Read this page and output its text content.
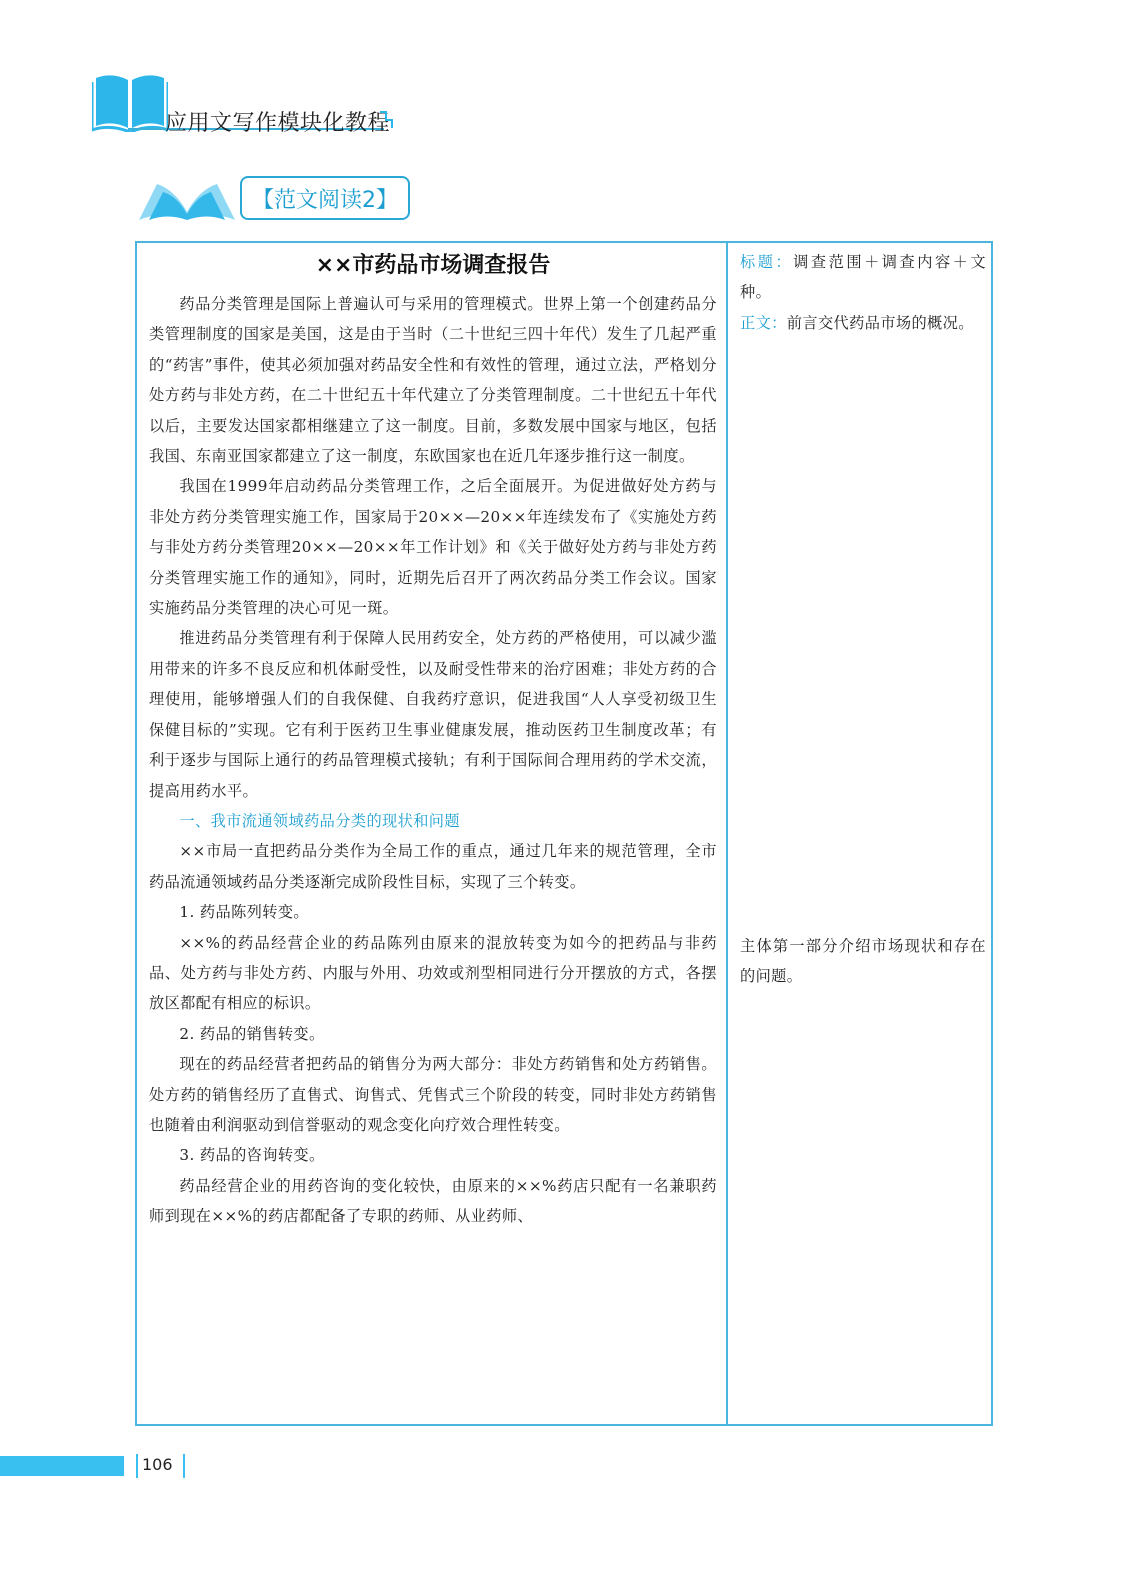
应用文写作模块化教程
【范文阅读2】
××市药品市场调查报告

药品分类管理是国际上普遍认可与采用的管理模式。世界上第一个创建药品分类管理制度的国家是美国，这是由于当时（二十世纪三四十年代）发生了几起严重的“药害”事件，使其必须加强对药品安全性和有效性的管理，通过立法，严格划分处方药与非处方药，在二十世纪五十年代建立了分类管理制度。二十世纪五十年代以后，主要发达国家都相继建立了这一制度。目前，多数发展中国家与地区，包括我国、东南亚国家都建立了这一制度，东欧国家也在近几年逐步推行这一制度。

我国在1999年启动药品分类管理工作，之后全面展开。为促进做好处方药与非处方药分类管理实施工作，国家局于20××—20××年连续发布了《实施处方药与非处方药分类管理20××—20××年工作计划》和《关于做好处方药与非处方药分类管理实施工作的通知》，同时，近期先后召开了两次药品分类工作会议。国家实施药品分类管理的决心可见一斑。

推进药品分类管理有利于保障人民用药安全，处方药的严格使用，可以减少滥用带来的许多不良反应和机体耐受性，以及耐受性带来的治疗困难；非处方药的合理使用，能够增强人们的自我保健、自我药疗意识，促进我国“人人享受初级卫生保健目标的”实现。它有利于医药卫生事业健康发展，推动医药卫生制度改革；有利于逐步与国际上通行的药品管理模式接轨；有利于国际间合理用药的学术交流，提高用药水平。

一、我市流通领域药品分类的现状和问题

××市局一直把药品分类作为全局工作的重点，通过几年来的规范管理，全市药品流通领域药品分类逐渐完成阶段性目标，实现了三个转变。

1. 药品陈列转变。

××%的药品经营企业的药品陈列由原来的混放转变为如今的把药品与非药品、处方药与非处方药、内服与外用、功效或剂型相同进行分开摆放的方式，各摆放区都配有相应的标识。

2. 药品的销售转变。

现在的药品经营者把药品的销售分为两大部分：非处方药销售和处方药销售。处方药的销售经历了直售式、询售式、凭售式三个阶段的转变，同时非处方药销售也随着由利润驱动到信誉驱动的观念变化向疗效合理性转变。

3. 药品的咨询转变。

药品经营企业的用药咨询的变化较快，由原来的××%药店只配有一名兼职药师到现在××%的药店都配备了专职的药师、从业药师、

标题：调查范围＋调查内容＋文种。
正文：前言交代药品市场的概况。
主体第一部分介绍市场现状和存在的问题。
106
